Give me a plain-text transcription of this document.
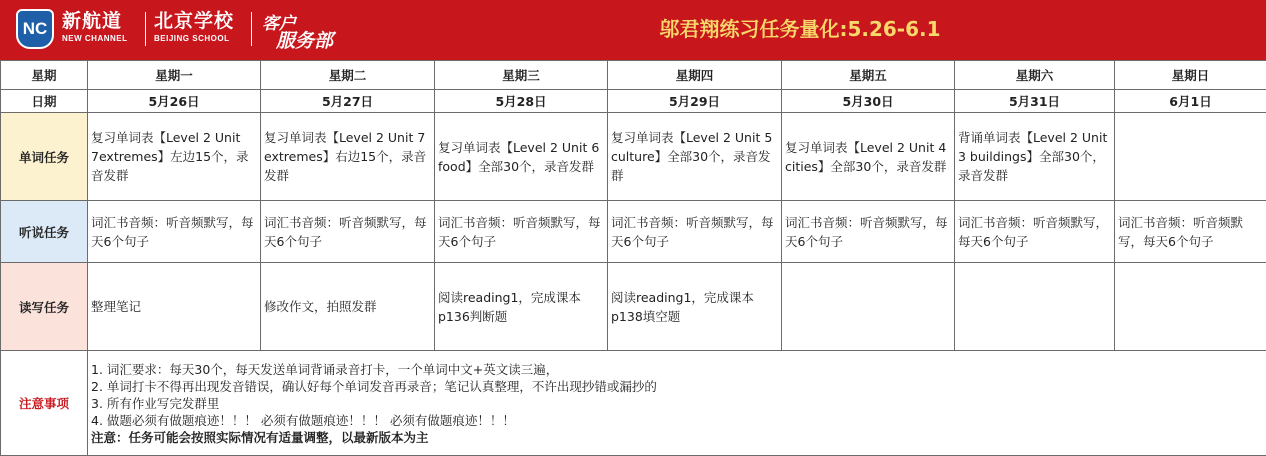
NC 新航道
NEW CHANNEL
北京学校
BEIJING SCHOOL
客户
服务部	邬君翔练习任务量化:5.26-6.1
星期	星期一	星期二	星期三	星期四	星期五	星期六	星期日
日期	5月26日	5月27日	5月28日	5月29日	5月30日	5月31日	6月1日
单词任务	复习单词表【Level 2 Unit 7extremes】左边15个，录音发群	复习单词表【Level 2 Unit 7 extremes】右边15个，录音发群	复习单词表【Level 2 Unit 6 food】全部30个，录音发群	复习单词表【Level 2 Unit 5 culture】全部30个，录音发群	复习单词表【Level 2 Unit 4 cities】全部30个，录音发群	背诵单词表【Level 2 Unit 3 buildings】全部30个，录音发群	
听说任务	词汇书音频：听音频默写，每天6个句子	词汇书音频：听音频默写，每天6个句子	词汇书音频：听音频默写，每天6个句子	词汇书音频：听音频默写，每天6个句子	词汇书音频：听音频默写，每天6个句子	词汇书音频：听音频默写，每天6个句子	词汇书音频：听音频默写，每天6个句子
读写任务	整理笔记	修改作文，拍照发群	阅读reading1，完成课本p136判断题	阅读reading1，完成课本p138填空题			
注意事项	1. 词汇要求：每天30个，每天发送单词背诵录音打卡，一个单词中文+英文读三遍，
2. 单词打卡不得再出现发音错误，确认好每个单词发音再录音；笔记认真整理，不许出现抄错或漏抄的
3. 所有作业写完发群里
4. 做题必须有做题痕迹！！！ 必须有做题痕迹！！！ 必须有做题痕迹！！！
注意：任务可能会按照实际情况有适量调整，以最新版本为主						
